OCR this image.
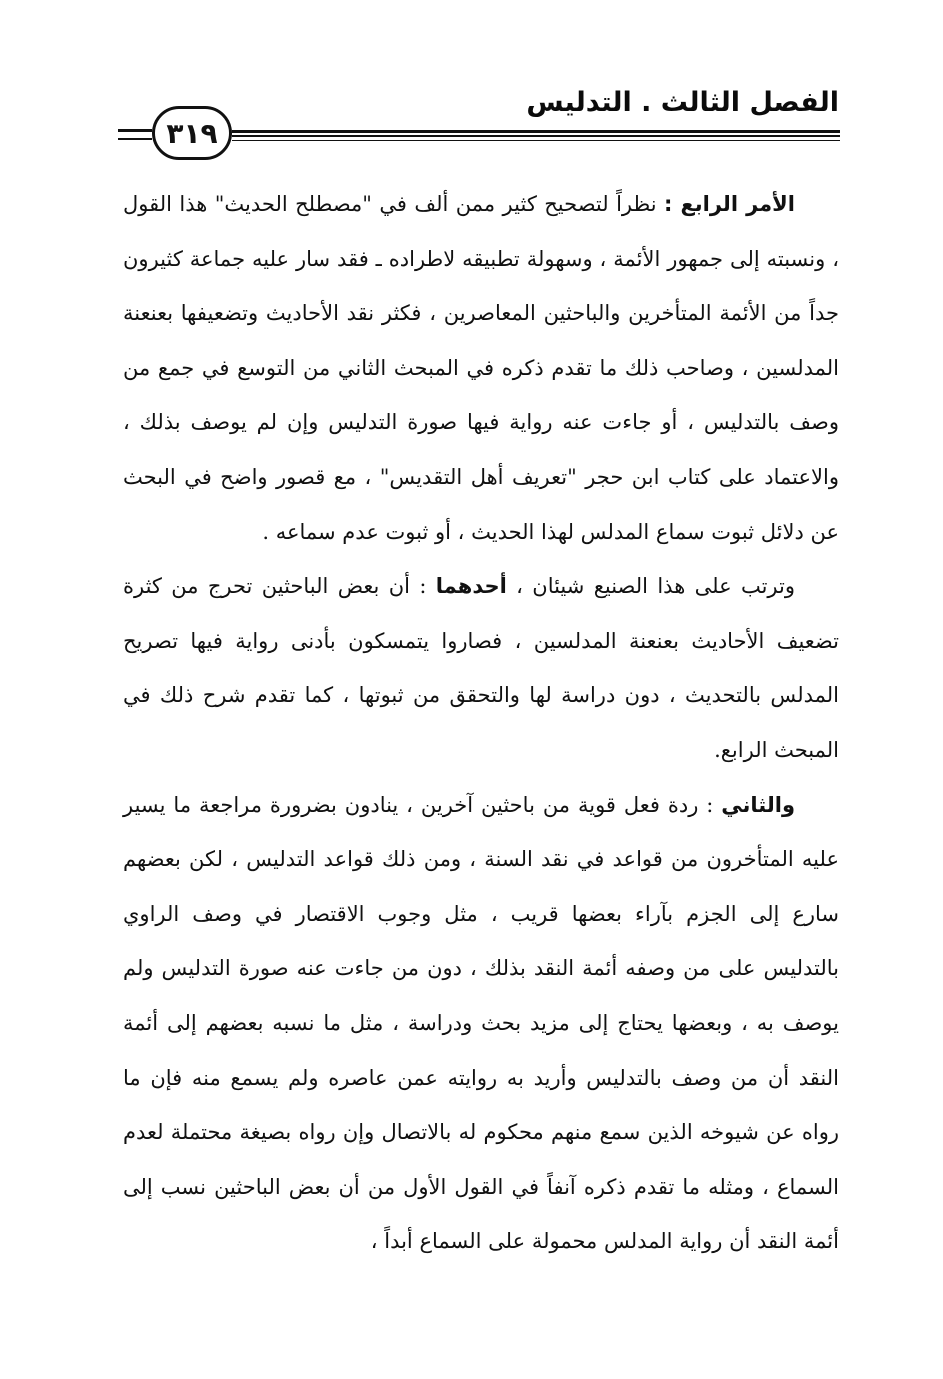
الفصل الثالث . التدليس
٣١٩

الأمر الرابع : نظراً لتصحيح كثير ممن ألف في "مصطلح الحديث" هذا القول ، ونسبته إلى جمهور الأئمة ، وسهولة تطبيقه لاطراده ـ فقد سار عليه جماعة كثيرون جداً من الأئمة المتأخرين والباحثين المعاصرين ، فكثر نقد الأحاديث وتضعيفها بعنعنة المدلسين ، وصاحب ذلك ما تقدم ذكره في المبحث الثاني من التوسع في جمع من وصف بالتدليس ، أو جاءت عنه رواية فيها صورة التدليس وإن لم يوصف بذلك ، والاعتماد على كتاب ابن حجر "تعريف أهل التقديس" ، مع قصور واضح في البحث عن دلائل ثبوت سماع المدلس لهذا الحديث ، أو ثبوت عدم سماعه .

وترتب على هذا الصنيع شيئان ، أحدهما : أن بعض الباحثين تحرج من كثرة تضعيف الأحاديث بعنعنة المدلسين ، فصاروا يتمسكون بأدنى رواية فيها تصريح المدلس بالتحديث ، دون دراسة لها والتحقق من ثبوتها ، كما تقدم شرح ذلك في المبحث الرابع.

والثاني : ردة فعل قوية من باحثين آخرين ، ينادون بضرورة مراجعة ما يسير عليه المتأخرون من قواعد في نقد السنة ، ومن ذلك قواعد التدليس ، لكن بعضهم سارع إلى الجزم بآراء بعضها قريب ، مثل وجوب الاقتصار في وصف الراوي بالتدليس على من وصفه أئمة النقد بذلك ، دون من جاءت عنه صورة التدليس ولم يوصف به ، وبعضها يحتاج إلى مزيد بحث ودراسة ، مثل ما نسبه بعضهم إلى أئمة النقد أن من وصف بالتدليس وأريد به روايته عمن عاصره ولم يسمع منه فإن ما رواه عن شيوخه الذين سمع منهم محكوم له بالاتصال وإن رواه بصيغة محتملة لعدم السماع ، ومثله ما تقدم ذكره آنفاً في القول الأول من أن بعض الباحثين نسب إلى أئمة النقد أن رواية المدلس محمولة على السماع أبداً ،
